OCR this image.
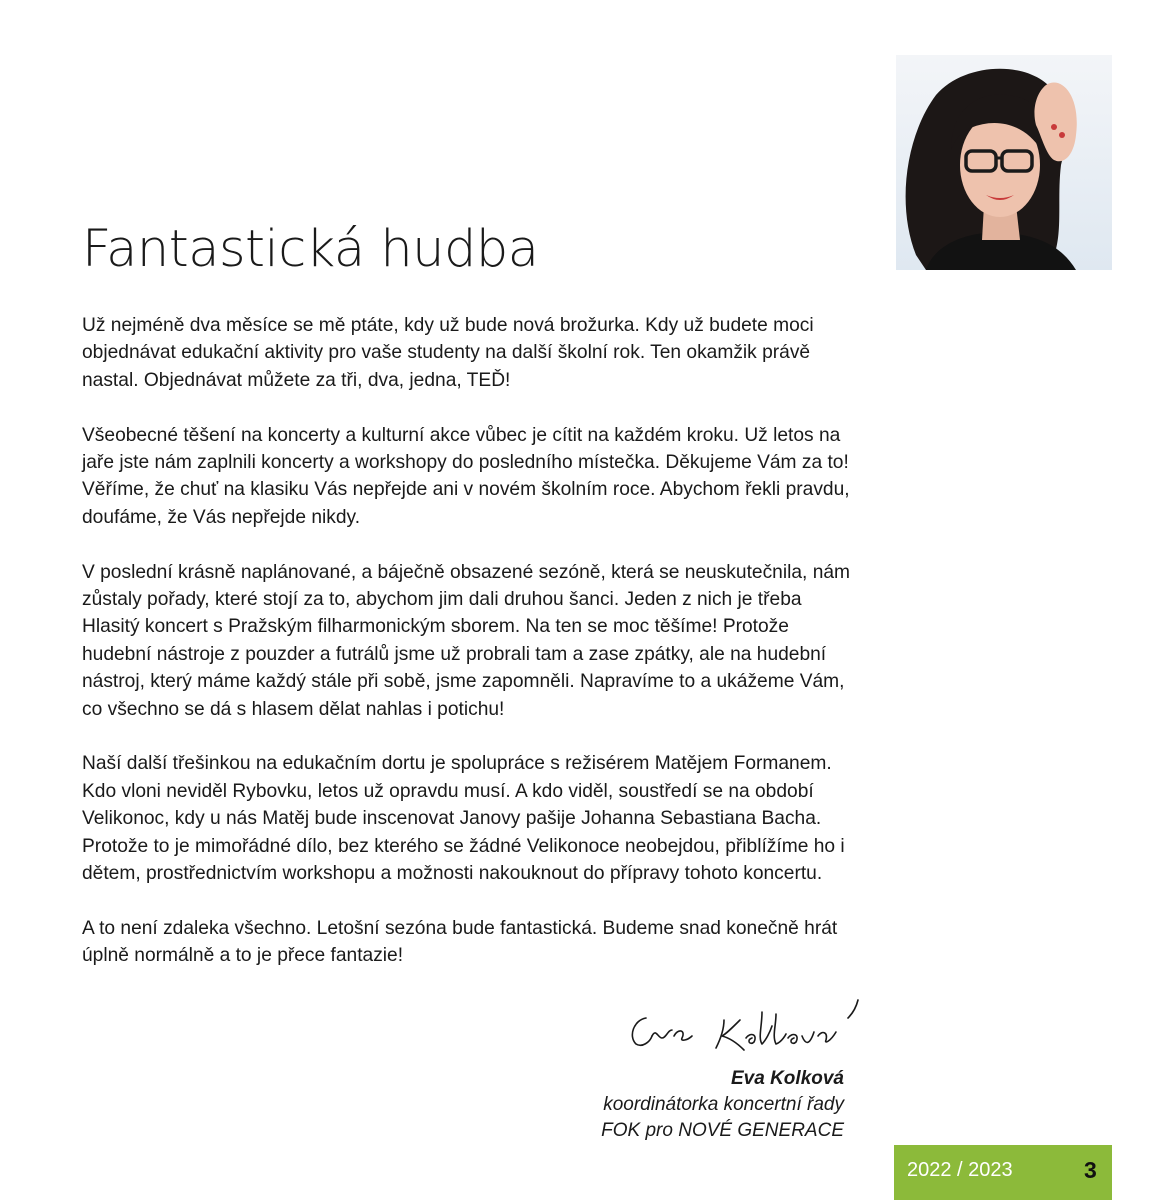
Fantastická hudba

Už nejméně dva měsíce se mě ptáte, kdy už bude nová brožurka. Kdy už budete moci objednávat edukační aktivity pro vaše studenty na další školní rok. Ten okamžik právě nastal. Objednávat můžete za tři, dva, jedna, TEĎ!

Všeobecné těšení na koncerty a kulturní akce vůbec je cítit na každém kroku. Už letos na jaře jste nám zaplnili koncerty a workshopy do posledního místečka. Děkujeme Vám za to! Věříme, že chuť na klasiku Vás nepřejde ani v novém školním roce. Abychom řekli pravdu, doufáme, že Vás nepřejde nikdy.

V poslední krásně naplánované, a báječně obsazené sezóně, která se neuskutečnila, nám zůstaly pořady, které stojí za to, abychom jim dali druhou šanci. Jeden z nich je třeba Hlasitý koncert s Pražským filharmonickým sborem. Na ten se moc těšíme! Protože hudební nástroje z pouzder a futrálů jsme už probrali tam a zase zpátky, ale na hudební nástroj, který máme každý stále při sobě, jsme zapomněli. Napravíme to a ukážeme Vám, co všechno se dá s hlasem dělat nahlas i potichu!

Naší další třešinkou na edukačním dortu je spolupráce s režisérem Matějem Formanem. Kdo vloni neviděl Rybovku, letos už opravdu musí. A kdo viděl, soustředí se na období Velikonoc, kdy u nás Matěj bude inscenovat Janovy pašije Johanna Sebastiana Bacha. Protože to je mimořádné dílo, bez kterého se žádné Velikonoce neobejdou, přiblížíme ho i dětem, prostřednictvím workshopu a možnosti nakouknout do přípravy tohoto koncertu.

A to není zdaleka všechno. Letošní sezóna bude fantastická. Budeme snad konečně hrát úplně normálně a to je přece fantazie!

Eva Kolková
koordinátorka koncertní řady
FOK pro NOVÉ GENERACE
2022 / 2023	3
